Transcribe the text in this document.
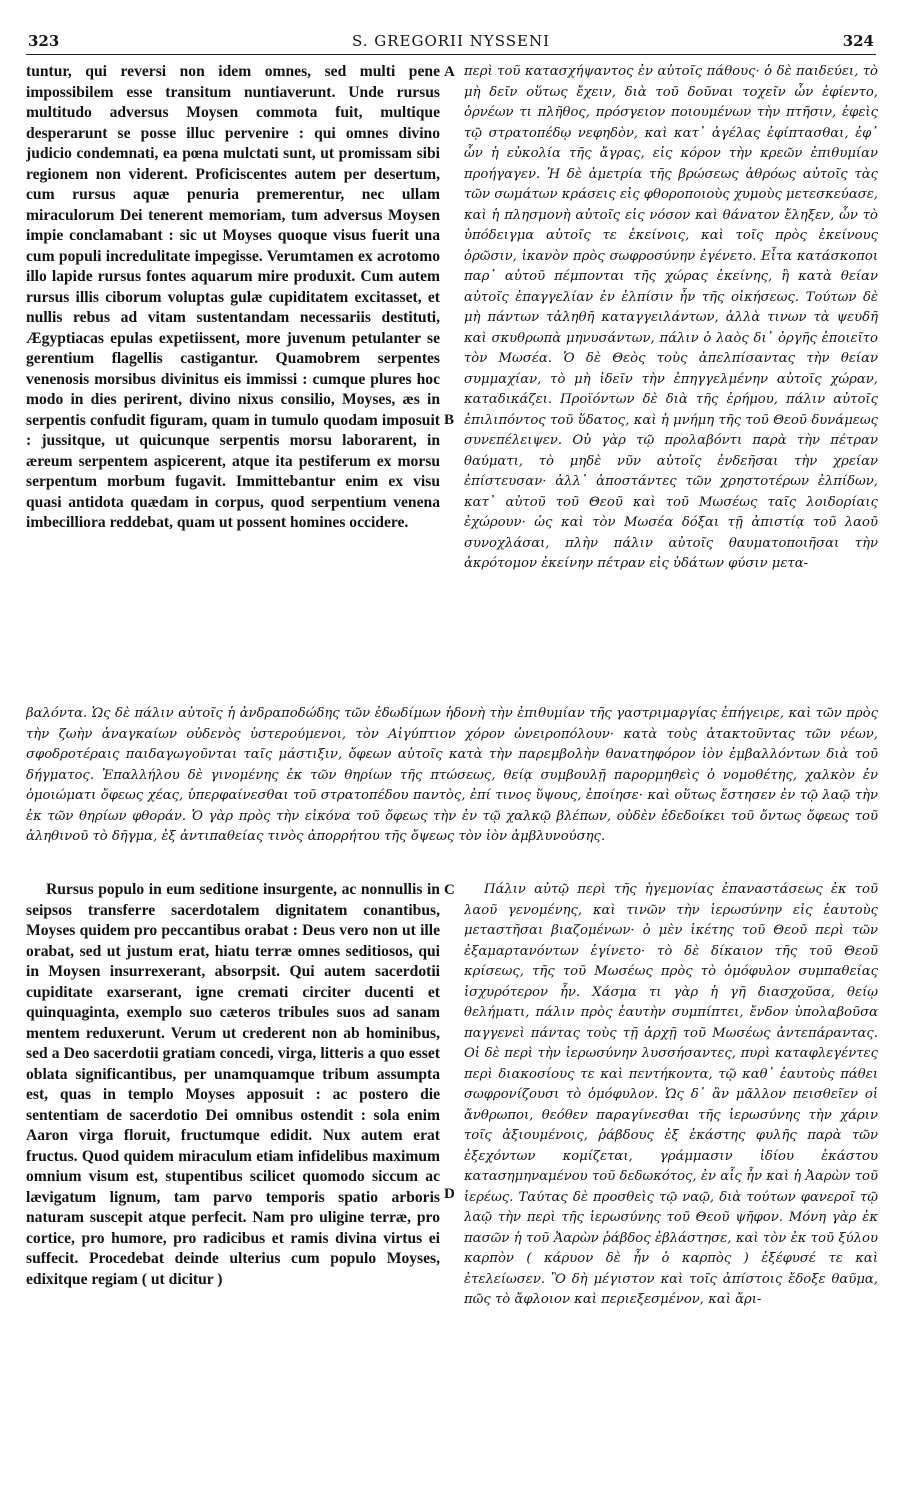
323	S. GREGORII NYSSENI	324

tuntur, qui reversi non idem omnes, sed multi pene impossibilem esse transitum nuntiaverunt. Unde rursus multitudo adversus Moysen commota fuit, multique desperarunt se posse illuc pervenire : qui omnes divino judicio condemnati, ea pœna mulctati sunt, ut promissam sibi regionem non viderent. Proficiscentes autem per desertum, cum rursus aquæ penuria premerentur, nec ullam miraculorum Dei tenerent memoriam, tum adversus Moysen impie conclamabant : sic ut Moyses quoque visus fuerit una cum populi incredulitate impegisse. Verumtamen ex acrotomo illo lapide rursus fontes aquarum mire produxit. Cum autem rursus illis ciborum voluptas gulæ cupiditatem excitasset, et nullis rebus ad vitam sustentandam necessariis destituti, Ægyptiacas epulas expetiissent, more juvenum petulanter se gerentium flagellis castigantur. Quamobrem serpentes venenosis morsibus divinitus eis immissi : cumque plures hoc modo in dies perirent, divino nixus consilio, Moyses, æs in serpentis confudit figuram, quam in tumulo quodam imposuit : jussitque, ut quicunque serpentis morsu laborarent, in æreum serpentem aspicerent, atque ita pestiferum ex morsu serpentum morbum fugavit. Immittebantur enim ex visu quasi antidota quædam in corpus, quod serpentium venena imbecilliora reddebat, quam ut possent homines occidere.

A
B

περὶ τοῦ κατασχήψαντος ἐν αὐτοῖς πάθους· ὁ δὲ παιδεύει, τὸ μὴ δεῖν οὕτως ἔχειν, διὰ τοῦ δοῦναι τοχεῖν ὧν ἐφίεντο, ὀρνέων τι πλῆθος, πρόσγειον ποιουμένων τὴν πτῆσιν, ἐφεὶς τῷ στρατοπέδῳ νεφηδὸν, καὶ κατ᾽ ἀγέλας ἐφίπτασθαι, ἐφ᾽ ὧν ἡ εὐκολία τῆς ἄγρας, εἰς κόρον τὴν κρεῶν ἐπιθυμίαν προήγαγεν. Ἡ δὲ ἀμετρία τῆς βρώσεως ἀθρόως αὐτοῖς τὰς τῶν σωμάτων κράσεις εἰς φθοροποιοὺς χυμοὺς μετεσκεύασε, καὶ ἡ πλησμονὴ αὐτοῖς εἰς νόσον καὶ θάνατον ἔληξεν, ὧν τὸ ὑπόδειγμα αὐτοῖς τε ἐκείνοις, καὶ τοῖς πρὸς ἐκείνους ὁρῶσιν, ἱκανὸν πρὸς σωφροσύνην ἐγένετο. Εἶτα κατάσκοποι παρ᾽ αὐτοῦ πέμπονται τῆς χώρας ἐκείνης, ἣ κατὰ θείαν αὐτοῖς ἐπαγγελίαν ἐν ἐλπίσιν ἦν τῆς οἰκήσεως. Τούτων δὲ μὴ πάντων τἀληθῆ καταγγειλάντων, ἀλλὰ τινων τὰ ψευδῆ καὶ σκυθρωπὰ μηνυσάντων, πάλιν ὁ λαὸς δι᾽ ὀργῆς ἐποιεῖτο τὸν Μωσέα. Ὁ δὲ Θεὸς τοὺς ἀπελπίσαντας τὴν θείαν συμμαχίαν, τὸ μὴ ἰδεῖν τὴν ἐπηγγελμένην αὐτοῖς χώραν, καταδικάζει. Προϊόντων δὲ διὰ τῆς ἐρήμου, πάλιν αὐτοῖς ἐπιλιπόντος τοῦ ὕδατος, καὶ ἡ μνήμη τῆς τοῦ Θεοῦ δυνάμεως συνεπέλειψεν. Οὐ γὰρ τῷ προλαβόντι παρὰ τὴν πέτραν θαύματι, τὸ μηδὲ νῦν αὐτοῖς ἐνδεῆσαι τὴν χρείαν ἐπίστευσαν· ἀλλ᾽ ἀποστάντες τῶν χρηστοτέρων ἐλπίδων, κατ᾽ αὐτοῦ τοῦ Θεοῦ καὶ τοῦ Μωσέως ταῖς λοιδορίαις ἐχώρουν· ὡς καὶ τὸν Μωσέα δόξαι τῇ ἀπιστίᾳ τοῦ λαοῦ συνοχλάσαι, πλὴν πάλιν αὐτοῖς θαυματοποιῆσαι τὴν ἀκρότομον ἐκείνην πέτραν εἰς ὑδάτων φύσιν μετα-

βαλόντα. Ὡς δὲ πάλιν αὐτοῖς ἡ ἀνδραποδώδης τῶν ἐδωδίμων ἡδονὴ τὴν ἐπιθυμίαν τῆς γαστριμαργίας ἐπήγειρε, καὶ τῶν πρὸς τὴν ζωὴν ἀναγκαίων οὐδενὸς ὑστερούμενοι, τὸν Αἰγύπτιον χόρον ὠνειροπόλουν· κατὰ τοὺς ἀτακτοῦντας τῶν νέων, σφοδροτέραις παιδαγωγοῦνται ταῖς μάστιξιν, ὄφεων αὐτοῖς κατὰ τὴν παρεμβολὴν θανατηφόρον ἰὸν ἐμβαλλόντων διὰ τοῦ δήγματος. Ἐπαλλήλου δὲ γινομένης ἐκ τῶν θηρίων τῆς πτώσεως, θείᾳ συμβουλῇ παρορμηθεὶς ὁ νομοθέτης, χαλκὸν ἐν ὁμοιώματι ὄφεως χέας, ὑπερφαίνεσθαι τοῦ στρατοπέδου παντὸς, ἐπί τινος ὕψους, ἐποίησε· καὶ οὕτως ἔστησεν ἐν τῷ λαῷ τὴν ἐκ τῶν θηρίων φθοράν. Ὁ γὰρ πρὸς τὴν εἰκόνα τοῦ ὄφεως τὴν ἐν τῷ χαλκῷ βλέπων, οὐδὲν ἐδεδοίκει τοῦ ὄντως ὄφεως τοῦ ἀληθινοῦ τὸ δῆγμα, ἐξ ἀντιπαθείας τινὸς ἀπορρήτου τῆς ὄψεως τὸν ἰὸν ἀμβλυνούσης.

Rursus populo in eum seditione insurgente, ac nonnullis in seipsos transferre sacerdotalem dignitatem conantibus, Moyses quidem pro peccantibus orabat : Deus vero non ut ille orabat, sed ut justum erat, hiatu terræ omnes seditiosos, qui in Moysen insurrexerant, absorpsit. Qui autem sacerdotii cupiditate exarserant, igne cremati circiter ducenti et quinquaginta, exemplo suo cæteros tribules suos ad sanam mentem reduxerunt. Verum ut crederent non ab hominibus, sed a Deo sacerdotii gratiam concedi, virga, litteris a quo esset oblata significantibus, per unamquamque tribum assumpta est, quas in templo Moyses apposuit : ac postero die sententiam de sacerdotio Dei omnibus ostendit : sola enim Aaron virga floruit, fructumque edidit. Nux autem erat fructus. Quod quidem miraculum etiam infidelibus maximum omnium visum est, stupentibus scilicet quomodo siccum ac lævigatum lignum, tam parvo temporis spatio arboris naturam suscepit atque perfecit. Nam pro uligine terræ, pro cortice, pro humore, pro radicibus et ramis divina virtus ei suffecit. Procedebat deinde ulterius cum populo Moyses, edixitque regiam ( ut dicitur )

C
D

Πάλιν αὐτῷ περὶ τῆς ἡγεμονίας ἐπαναστάσεως ἐκ τοῦ λαοῦ γενομένης, καὶ τινῶν τὴν ἱερωσύνην εἰς ἑαυτοὺς μεταστῆσαι βιαζομένων· ὁ μὲν ἱκέτης τοῦ Θεοῦ περὶ τῶν ἐξαμαρτανόντων ἐγίνετο· τὸ δὲ δίκαιον τῆς τοῦ Θεοῦ κρίσεως, τῆς τοῦ Μωσέως πρὸς τὸ ὁμόφυλον συμπαθείας ἰσχυρότερον ἦν. Χάσμα τι γὰρ ἡ γῆ διασχοῦσα, θείῳ θελήματι, πάλιν πρὸς ἑαυτὴν συμπίπτει, ἔνδον ὑπολαβοῦσα παγγενεὶ πάντας τοὺς τῇ ἀρχῇ τοῦ Μωσέως ἀντεπάραντας. Οἱ δὲ περὶ τὴν ἱερωσύνην λυσσήσαντες, πυρὶ καταφλεγέντες περὶ διακοσίους τε καὶ πεντήκοντα, τῷ καθ᾽ ἑαυτοὺς πάθει σωφρονίζουσι τὸ ὁμόφυλον. Ὡς δ᾽ ἂν μᾶλλον πεισθεῖεν οἱ ἄνθρωποι, θεόθεν παραγίνεσθαι τῆς ἱερωσύνης τὴν χάριν τοῖς ἀξιουμένοις, ῥάβδους ἐξ ἑκάστης φυλῆς παρὰ τῶν ἐξεχόντων κομίζεται, γράμμασιν ἰδίου ἑκάστου κατασημηναμένου τοῦ δεδωκότος, ἐν αἷς ἦν καὶ ἡ Ἀαρὼν τοῦ ἱερέως. Ταύτας δὲ προσθεὶς τῷ ναῷ, διὰ τούτων φανεροῖ τῷ λαῷ τὴν περὶ τῆς ἱερωσύνης τοῦ Θεοῦ ψῆφον. Μόνη γὰρ ἐκ πασῶν ἡ τοῦ Ἀαρὼν ῥάβδος ἐβλάστησε, καὶ τὸν ἐκ τοῦ ξύλου καρπὸν ( κάρυον δὲ ἦν ὁ καρπὸς ) ἐξέφυσέ τε καὶ ἐτελείωσεν. Ὃ δὴ μέγιστον καὶ τοῖς ἀπίστοις ἔδοξε θαῦμα, πῶς τὸ ἄφλοιον καὶ περιεξεσμένον, καὶ ἄρι-
